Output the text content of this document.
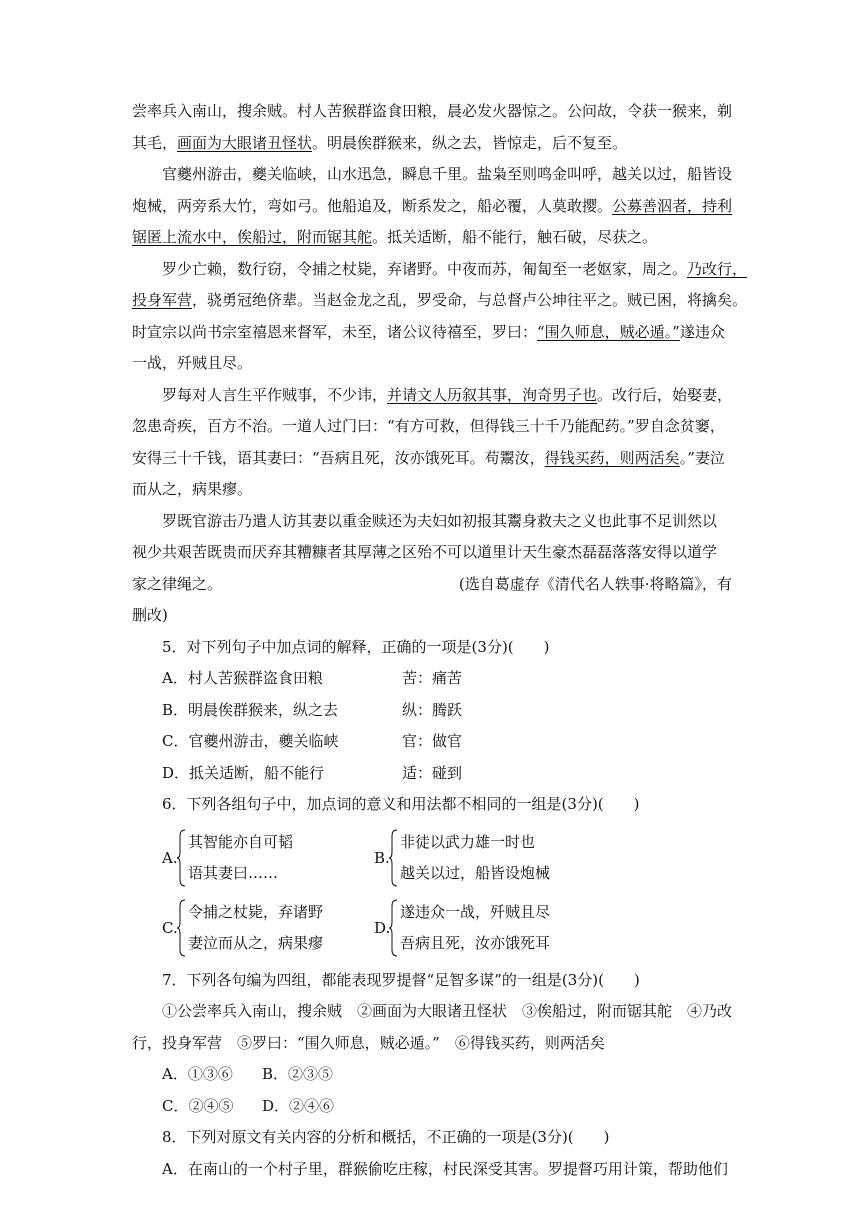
尝率兵入南山，搜余贼。村人苦猴群盗食田粮，晨必发火器惊之。公问故，令获一猴来，剃
其毛，画面为大眼诸丑怪状。明晨俟群猴来，纵之去，皆惊走，后不复至。
官夔州游击，夔关临峡，山水迅急，瞬息千里。盐枭至则鸣金叫呼，越关以过，船皆设
炮械，两旁系大竹，弯如弓。他船追及，断系发之，船必覆，人莫敢撄。公募善泅者，持利
锯匿上流水中，俟船过，附而锯其舵。抵关适断，船不能行，触石破，尽获之。
罗少亡赖，数行窃，令捕之杖毙，弃诸野。中夜而苏，匍匐至一老妪家，周之。乃改行，
投身军营，骁勇冠绝侪辈。当赵金龙之乱，罗受命，与总督卢公坤往平之。贼已困，将擒矣。
时宣宗以尚书宗室禧恩来督军，未至，诸公议待禧至，罗曰：“围久师息，贼必遁。”遂违众
一战，歼贼且尽。
罗每对人言生平作贼事，不少讳，并请文人历叙其事，洵奇男子也。改行后，始娶妻，
忽患奇疾，百方不治。一道人过门曰：“有方可救，但得钱三十千乃能配药。”罗自念贫窭，
安得三十千钱，语其妻曰：“吾病且死，汝亦饿死耳。苟鬻汝，得钱买药，则两活矣。”妻泣
而从之，病果瘳。
罗既官游击乃遣人访其妻以重金赎还为夫妇如初报其鬻身救夫之义也此事不足训然以
视少共艰苦既贵而厌弃其糟糠者其厚薄之区殆不可以道里计天生豪杰磊磊落落安得以道学
家之律绳之。	(选自葛虚存《清代名人轶事·将略篇》，有
删改)
5．对下列句子中加点词的解释，正确的一项是(3分)(　　)
A．村人苦猴群盗食田粮	苦：痛苦
B．明晨俟群猴来，纵之去	纵：腾跃
C．官夔州游击，夔关临峡	官：做官
D．抵关适断，船不能行	适：碰到
6．下列各组句子中，加点词的意义和用法都不相同的一组是(3分)(　　)
A.
其智能亦自可韬
语其妻曰……
B.
非徒以武力雄一时也
越关以过，船皆设炮械
C.
令捕之杖毙，弃诸野
妻泣而从之，病果瘳
D.
遂违众一战，歼贼且尽
吾病且死，汝亦饿死耳
7．下列各句编为四组，都能表现罗提督“足智多谋”的一组是(3分)(　　)
①公尝率兵入南山，搜余贼　②画面为大眼诸丑怪状　③俟船过，附而锯其舵　④乃改
行，投身军营　⑤罗曰：“围久师息，贼必遁。”　⑥得钱买药，则两活矣
A．①③⑥	B．②③⑤
C．②④⑤	D．②④⑥
8．下列对原文有关内容的分析和概括，不正确的一项是(3分)(　　)
A．在南山的一个村子里，群猴偷吃庄稼，村民深受其害。罗提督巧用计策，帮助他们
